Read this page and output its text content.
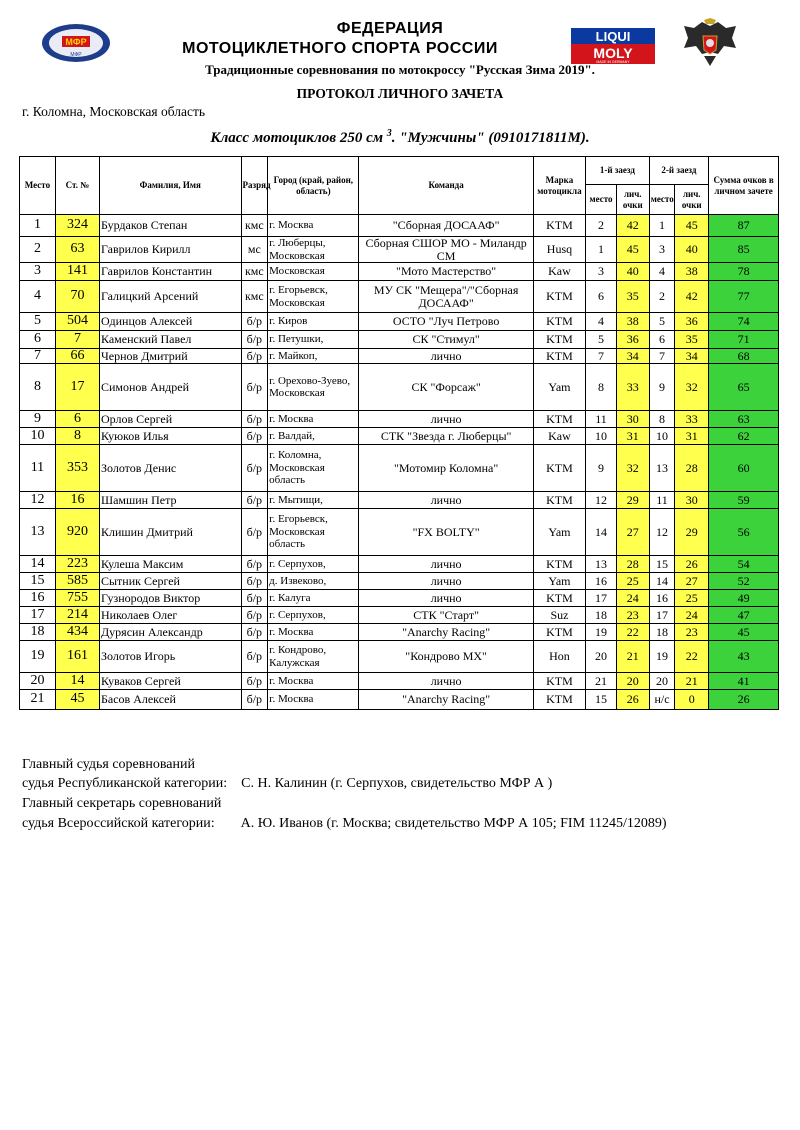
МФР
МФР
ФЕДЕРАЦИЯ
МОТОЦИКЛЕТНОГО СПОРТА РОССИИ
LIQUI
MOLY
MADE IN GERMANY
Традиционные соревнования по мотокроссу "Русская Зима 2019".
ПРОТОКОЛ ЛИЧНОГО ЗАЧЕТА
г. Коломна, Московская область
Класс мотоциклов 250 см $^3$. "Мужчины" (0910171811М).
Место	Ст. №	Фамилия, Имя	Разряд	Город (край, район, область)	Команда	Марка мотоцикла	1-й заезд		2-й заезд		Сумма очков в личном зачете
							место	лич. очки	место	лич. очки	
1	324	Бурдаков Степан	кмс	г. Москва	"Сборная ДОСААФ"	KTM	2	42	1	45	87
2	63	Гаврилов Кирилл	мс	г. Люберцы, Московская	Сборная СШОР МО - Миландр СМ	Husq	1	45	3	40	85
3	141	Гаврилов Константин	кмс	Московская	"Мото Мастерство"	Kaw	3	40	4	38	78
4	70	Галицкий Арсений	кмс	г. Егорьевск, Московская	МУ СК "Мещера"/"Сборная ДОСААФ"	KTM	6	35	2	42	77
5	504	Одинцов Алексей	б/р	г. Киров	ОСТО "Луч Петрово	KTM	4	38	5	36	74
6	7	Каменский Павел	б/р	г. Петушки,	СК "Стимул"	KTM	5	36	6	35	71
7	66	Чернов Дмитрий	б/р	г. Майкоп,	лично	KTM	7	34	7	34	68
8	17	Симонов Андрей	б/р	г. Орехово-Зуево, Московская	СК "Форсаж"	Yam	8	33	9	32	65
9	6	Орлов Сергей	б/р	г. Москва	лично	KTM	11	30	8	33	63
10	8	Куюков Илья	б/р	г. Валдай,	СТК "Звезда г. Люберцы"	Kaw	10	31	10	31	62
11	353	Золотов Денис	б/р	г. Коломна, Московская область	"Мотомир Коломна"	KTM	9	32	13	28	60
12	16	Шамшин Петр	б/р	г. Мытищи,	лично	KTM	12	29	11	30	59
13	920	Клишин Дмитрий	б/р	г. Егорьевск, Московская область	"FX BOLTY"	Yam	14	27	12	29	56
14	223	Кулеша Максим	б/р	г. Серпухов,	лично	KTM	13	28	15	26	54
15	585	Сытник Сергей	б/р	д. Извеково,	лично	Yam	16	25	14	27	52
16	755	Гузнородов Виктор	б/р	г. Калуга	лично	KTM	17	24	16	25	49
17	214	Николаев Олег	б/р	г. Серпухов,	СТК "Старт"	Suz	18	23	17	24	47
18	434	Дурясин Александр	б/р	г. Москва	"Anarchy Racing"	KTM	19	22	18	23	45
19	161	Золотов Игорь	б/р	г. Кондрово, Калужская	"Кондрово MX"	Hon	20	21	19	22	43
20	14	Куваков Сергей	б/р	г. Москва	лично	KTM	21	20	20	21	41
21	45	Басов Алексей	б/р	г. Москва	"Anarchy Racing"	KTM	15	26	н/с	0	26
Главный судья соревнований
судья Республиканской категории: С. Н. Калинин (г. Серпухов, свидетельство МФР А )
Главный секретарь соревнований
судья Всероссийской категории: А. Ю. Иванов (г. Москва; свидетельство МФР А 105; FIM 11245/12089)
